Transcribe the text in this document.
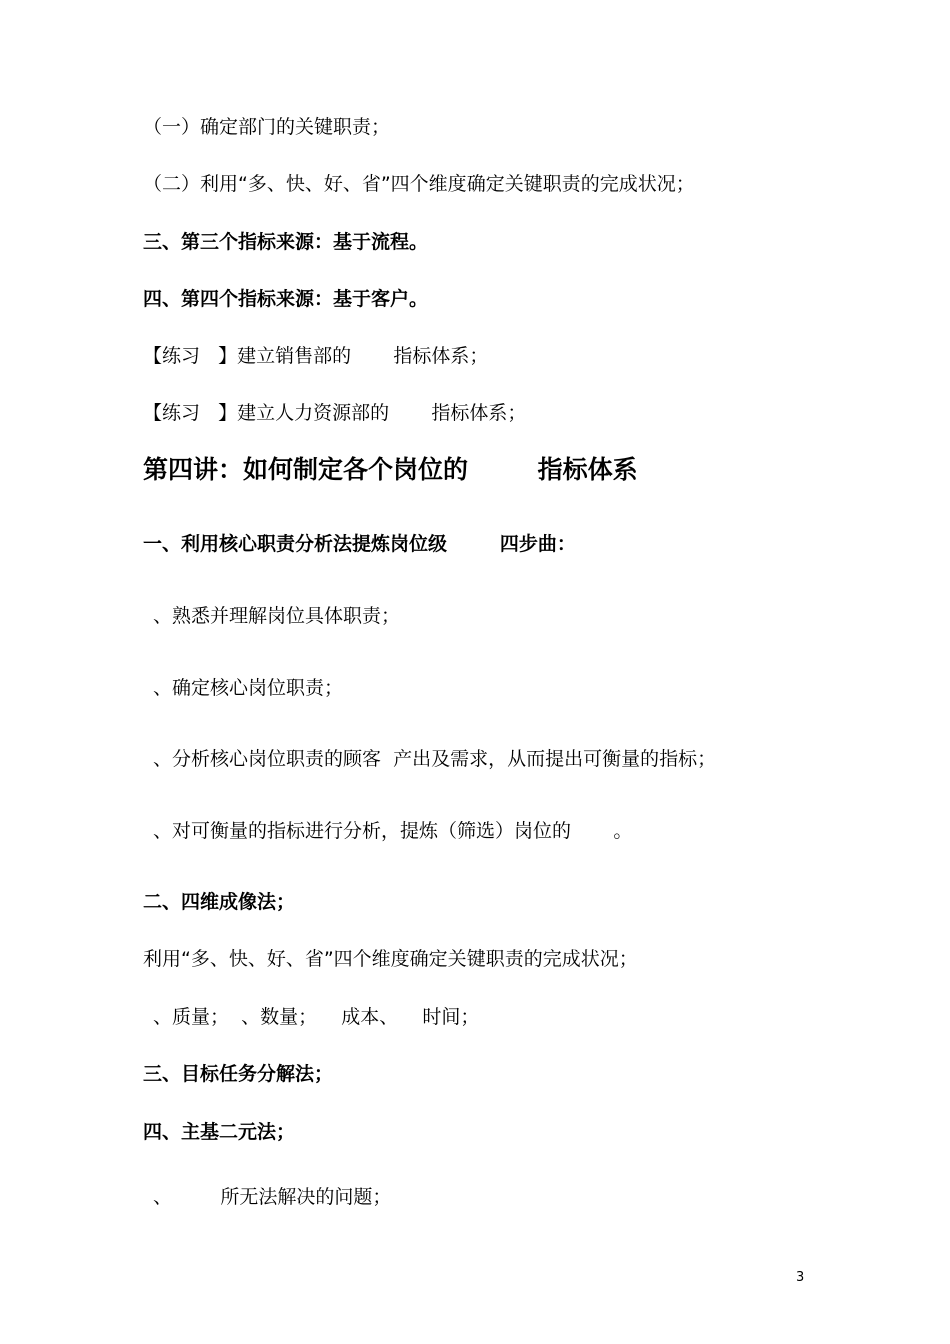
（一）确定部门的关键职责；

（二）利用“多、快、好、省”四个维度确定关键职责的完成状况；

三、第三个指标来源：基于流程。

四、第四个指标来源：基于客户。

【练习   】建立销售部的       指标体系；

【练习   】建立人力资源部的       指标体系；

第四讲：如何制定各个岗位的        指标体系

一、利用核心职责分析法提炼岗位级        四步曲：

、熟悉并理解岗位具体职责；

、确定核心岗位职责；

、分析核心岗位职责的顾客  产出及需求，从而提出可衡量的指标；

、对可衡量的指标进行分析，提炼（筛选）岗位的       。

二、四维成像法；

利用“多、快、好、省”四个维度确定关键职责的完成状况；

、质量；  、数量；    成本、    时间；

三、目标任务分解法；

四、主基二元法；

、        所无法解决的问题；

3
